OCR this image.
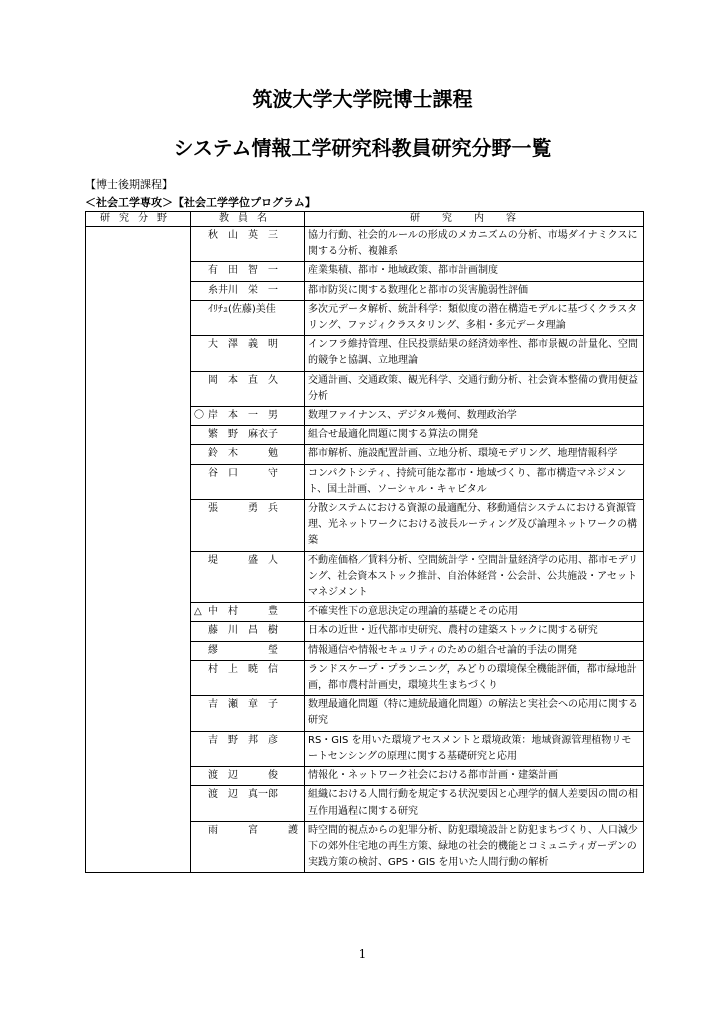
筑波大学大学院博士課程
システム情報工学研究科教員研究分野一覧
【博士後期課程】
＜社会工学専攻＞【社会工学学位プログラム】
研究分野	教員名	研究内容
	秋　山　英　三	協力行動、社会的ルールの形成のメカニズムの分析、市場ダイナミクスに関する分析、複雑系
	有　田　智　一	産業集積、都市・地域政策、都市計画制度
	糸井川　栄　一	都市防災に関する数理化と都市の災害脆弱性評価
	ｲﾘﾁｭ(佐藤)美佳	多次元データ解析、統計科学：類似度の潜在構造モデルに基づくクラスタリング、ファジィクラスタリング、多相・多元データ理論
	大　澤　義　明	インフラ維持管理、住民投票結果の経済効率性、都市景観の計量化、空間的競争と協調、立地理論
	岡　本　直　久	交通計画、交通政策、観光科学、交通行動分析、社会資本整備の費用便益分析
	〇 岸　本　一　男	数理ファイナンス、デジタル幾何、数理政治学
	繁　野　麻衣子	組合せ最適化問題に関する算法の開発
	鈴　木　　　勉	都市解析、施設配置計画、立地分析、環境モデリング、地理情報科学
	谷　口　　　守	コンパクトシティ、持続可能な都市・地域づくり、都市構造マネジメント、国土計画、ソーシャル・キャピタル
	張　　　勇　兵	分散システムにおける資源の最適配分、移動通信システムにおける資源管理、光ネットワークにおける波長ルーティング及び論理ネットワークの構築
	堤　　　盛　人	不動産価格／賃料分析、空間統計学・空間計量経済学の応用、都市モデリング、社会資本ストック推計、自治体経営・公会計、公共施設・アセットマネジメント
	△ 中　村　　　豊	不確実性下の意思決定の理論的基礎とその応用
	藤　川　昌　樹	日本の近世・近代都市史研究、農村の建築ストックに関する研究
	繆　　　　　瑩	情報通信や情報セキュリティのための組合せ論的手法の開発
	村　上　暁　信	ランドスケープ・プランニング，みどりの環境保全機能評価，都市緑地計画，都市農村計画史，環境共生まちづくり
	吉　瀬　章　子	数理最適化問題（特に連続最適化問題）の解法と実社会への応用に関する研究
	吉　野　邦　彦	RS・GIS を用いた環境アセスメントと環境政策：地域資源管理植物リモートセンシングの原理に関する基礎研究と応用
	渡　辺　　　俊	情報化・ネットワーク社会における都市計画・建築計画
	渡　辺　真一郎	組織における人間行動を規定する状況要因と心理学的個人差要因の間の相互作用過程に関する研究
	雨　　　宮　　　護	時空間的視点からの犯罪分析、防犯環境設計と防犯まちづくり、人口減少下の郊外住宅地の再生方策、緑地の社会的機能とコミュニティガーデンの実践方策の検討、GPS・GIS を用いた人間行動の解析
1
